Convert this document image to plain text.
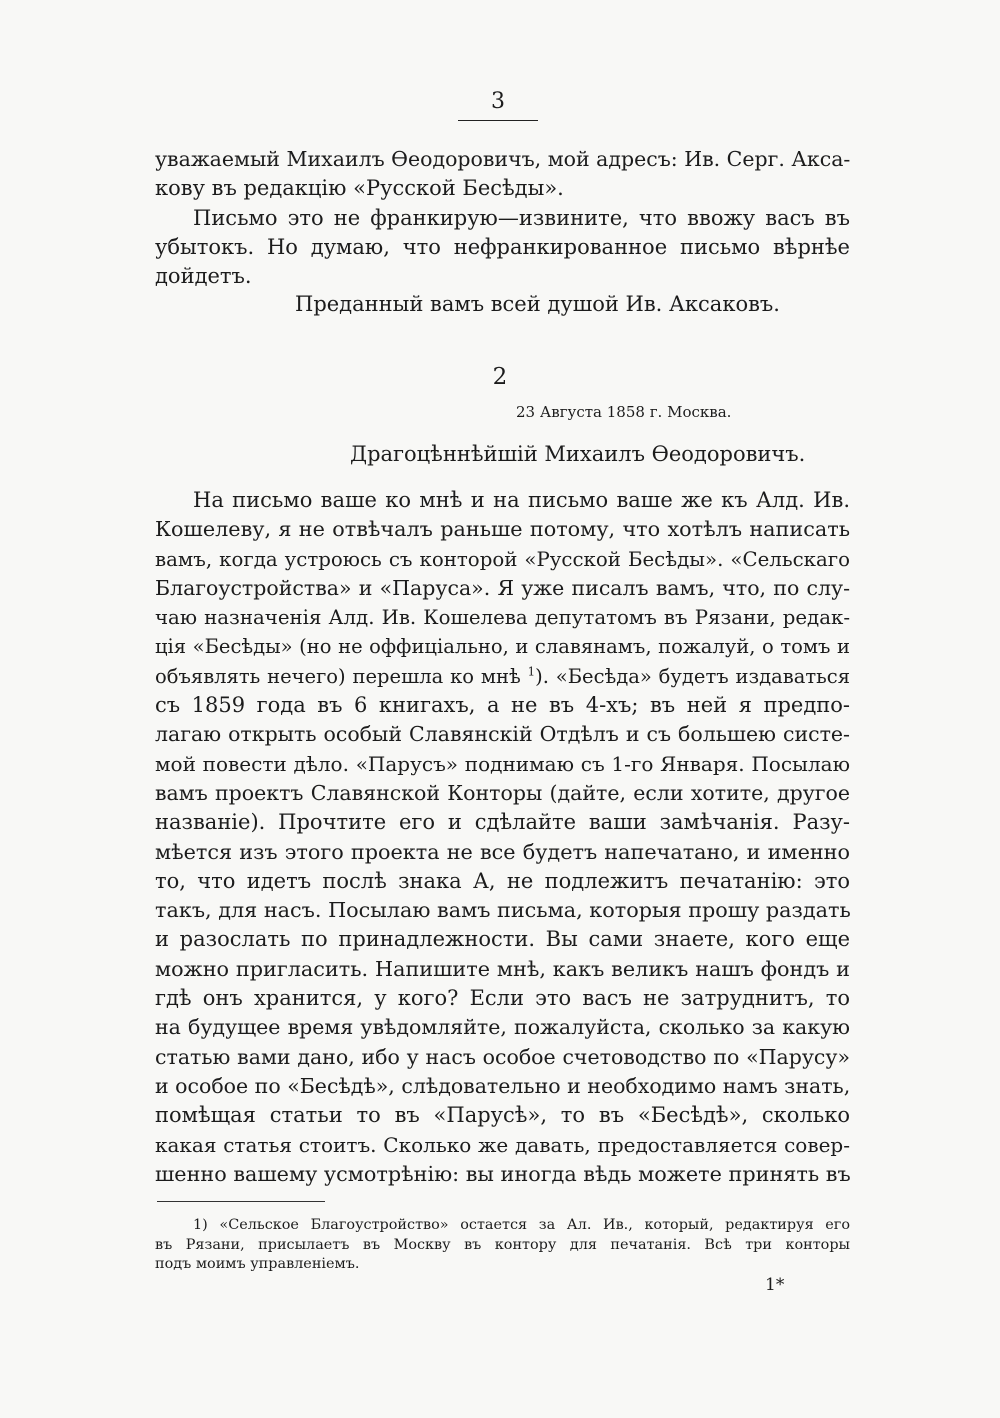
3
уважаемый Михаилъ Ѳеодоровичъ, мой адресъ: Ив. Серг. Акса-
кову въ редакцію «Русской Бесѣды».
Письмо это не франкирую—извините, что ввожу васъ въ
убытокъ. Но думаю, что нефранкированное письмо вѣрнѣе
дойдетъ.
Преданный вамъ всей душой Ив. Аксаковъ.
2
23 Августа 1858 г. Москва.
Драгоцѣннѣйшій Михаилъ Ѳеодоровичъ.
На письмо ваше ко мнѣ и на письмо ваше же къ Алд. Ив.
Кошелеву, я не отвѣчалъ раньше потому, что хотѣлъ написать
вамъ, когда устроюсь съ конторой «Русской Бесѣды». «Сельскаго
Благоустройства» и «Паруса». Я уже писалъ вамъ, что, по слу-
чаю назначенія Алд. Ив. Кошелева депутатомъ въ Рязани, редак-
ція «Бесѣды» (но не оффиціально, и славянамъ, пожалуй, о томъ и
объявлять нечего) перешла ко мнѣ $^1$). «Бесѣда» будетъ издаваться
съ 1859 года въ 6 книгахъ, а не въ 4-хъ; въ ней я предпо-
лагаю открыть особый Славянскій Отдѣлъ и съ большею систе-
мой повести дѣло. «Парусъ» поднимаю съ 1-го Января. Посылаю
вамъ проектъ Славянской Конторы (дайте, если хотите, другое
названіе). Прочтите его и сдѣлайте ваши замѣчанія. Разу-
мѣется изъ этого проекта не все будетъ напечатано, и именно
то, что идетъ послѣ знака А, не подлежитъ печатанію: это
такъ, для насъ. Посылаю вамъ письма, которыя прошу раздать
и разослать по принадлежности. Вы сами знаете, кого еще
можно пригласить. Напишите мнѣ, какъ великъ нашъ фондъ и
гдѣ онъ хранится, у кого? Если это васъ не затруднитъ, то
на будущее время увѣдомляйте, пожалуйста, сколько за какую
статью вами дано, ибо у насъ особое счетоводство по «Парусу»
и особое по «Бесѣдѣ», слѣдовательно и необходимо намъ знать,
помѣщая статьи то въ «Парусѣ», то въ «Бесѣдѣ», сколько
какая статья стоитъ. Сколько же давать, предоставляется совер-
шенно вашему усмотрѣнію: вы иногда вѣдь можете принять въ
1) «Сельское Благоустройство» остается за Ал. Ив., который, редактируя его
въ Рязани, присылаетъ въ Москву въ контору для печатанія. Всѣ три конторы
подъ моимъ управленіемъ.
1*
